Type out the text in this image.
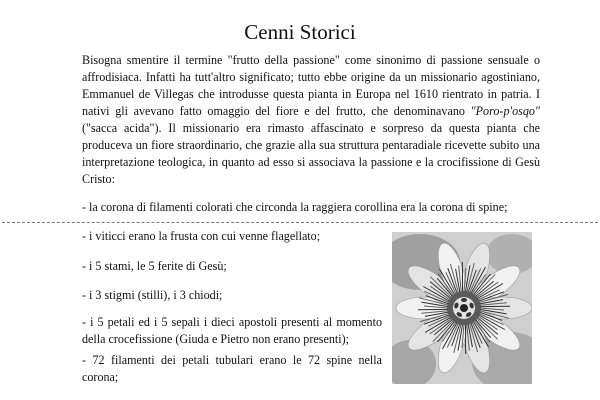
Cenni Storici

Bisogna smentire il termine "frutto della passione" come sinonimo di passione sensuale o affrodisiaca. Infatti ha tutt'altro significato; tutto ebbe origine da un missionario agostiniano, Emmanuel de Villegas che introdusse questa pianta in Europa nel 1610 rientrato in patria. I nativi gli avevano fatto omaggio del fiore e del frutto, che denominavano "Poro-p'osqo" ("sacca acida"). Il missionario era rimasto affascinato e sorpreso da questa pianta che produceva un fiore straordinario, che grazie alla sua struttura pentaradiale ricevette subito una interpretazione teologica, in quanto ad esso si associava la passione e la crocifissione di Gesù Cristo:

- la corona di filamenti colorati che circonda la raggiera corollina era la corona di spine;

- i viticci erano la frusta con cui venne flagellato;

- i 5 stami, le 5 ferite di Gesù;

- i 3 stigmi (stilli), i 3 chiodi;

- i 5 petali ed i 5 sepali i dieci apostoli presenti al momento della crocefissione (Giuda e Pietro non erano presenti);

- 72 filamenti dei petali tubulari erano le 72 spine nella corona;
